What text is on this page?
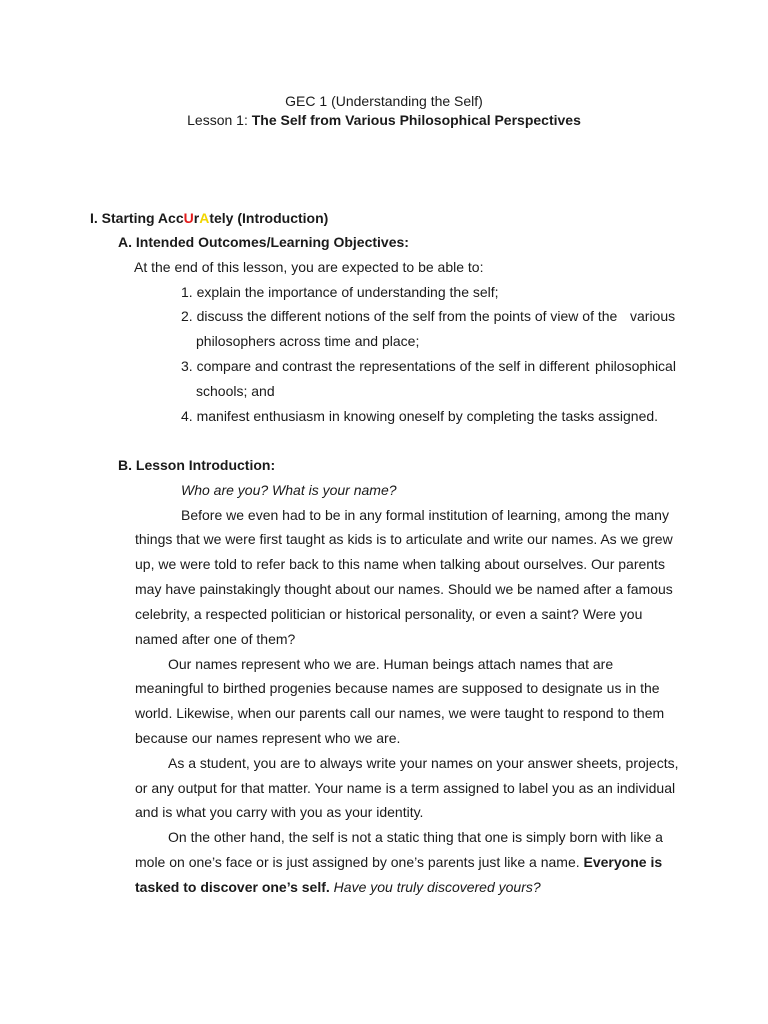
GEC 1 (Understanding the Self)
Lesson 1: The Self from Various Philosophical Perspectives
I. Starting AccUrAtely (Introduction)
A. Intended Outcomes/Learning Objectives:
At the end of this lesson, you are expected to be able to:
1. explain the importance of understanding the self;
2. discuss the different notions of the self from the points of view of the various
philosophers across time and place;
3. compare and contrast the representations of the self in different philosophical
schools; and
4. manifest enthusiasm in knowing oneself by completing the tasks assigned.
B. Lesson Introduction:
Who are you? What is your name?
Before we even had to be in any formal institution of learning, among the many
things that we were first taught as kids is to articulate and write our names. As we grew
up, we were told to refer back to this name when talking about ourselves. Our parents
may have painstakingly thought about our names. Should we be named after a famous
celebrity, a respected politician or historical personality, or even a saint? Were you
named after one of them?
Our names represent who we are. Human beings attach names that are
meaningful to birthed progenies because names are supposed to designate us in the
world. Likewise, when our parents call our names, we were taught to respond to them
because our names represent who we are.
As a student, you are to always write your names on your answer sheets, projects,
or any output for that matter. Your name is a term assigned to label you as an individual
and is what you carry with you as your identity.
On the other hand, the self is not a static thing that one is simply born with like a
mole on one’s face or is just assigned by one’s parents just like a name. Everyone is
tasked to discover one’s self. Have you truly discovered yours?
